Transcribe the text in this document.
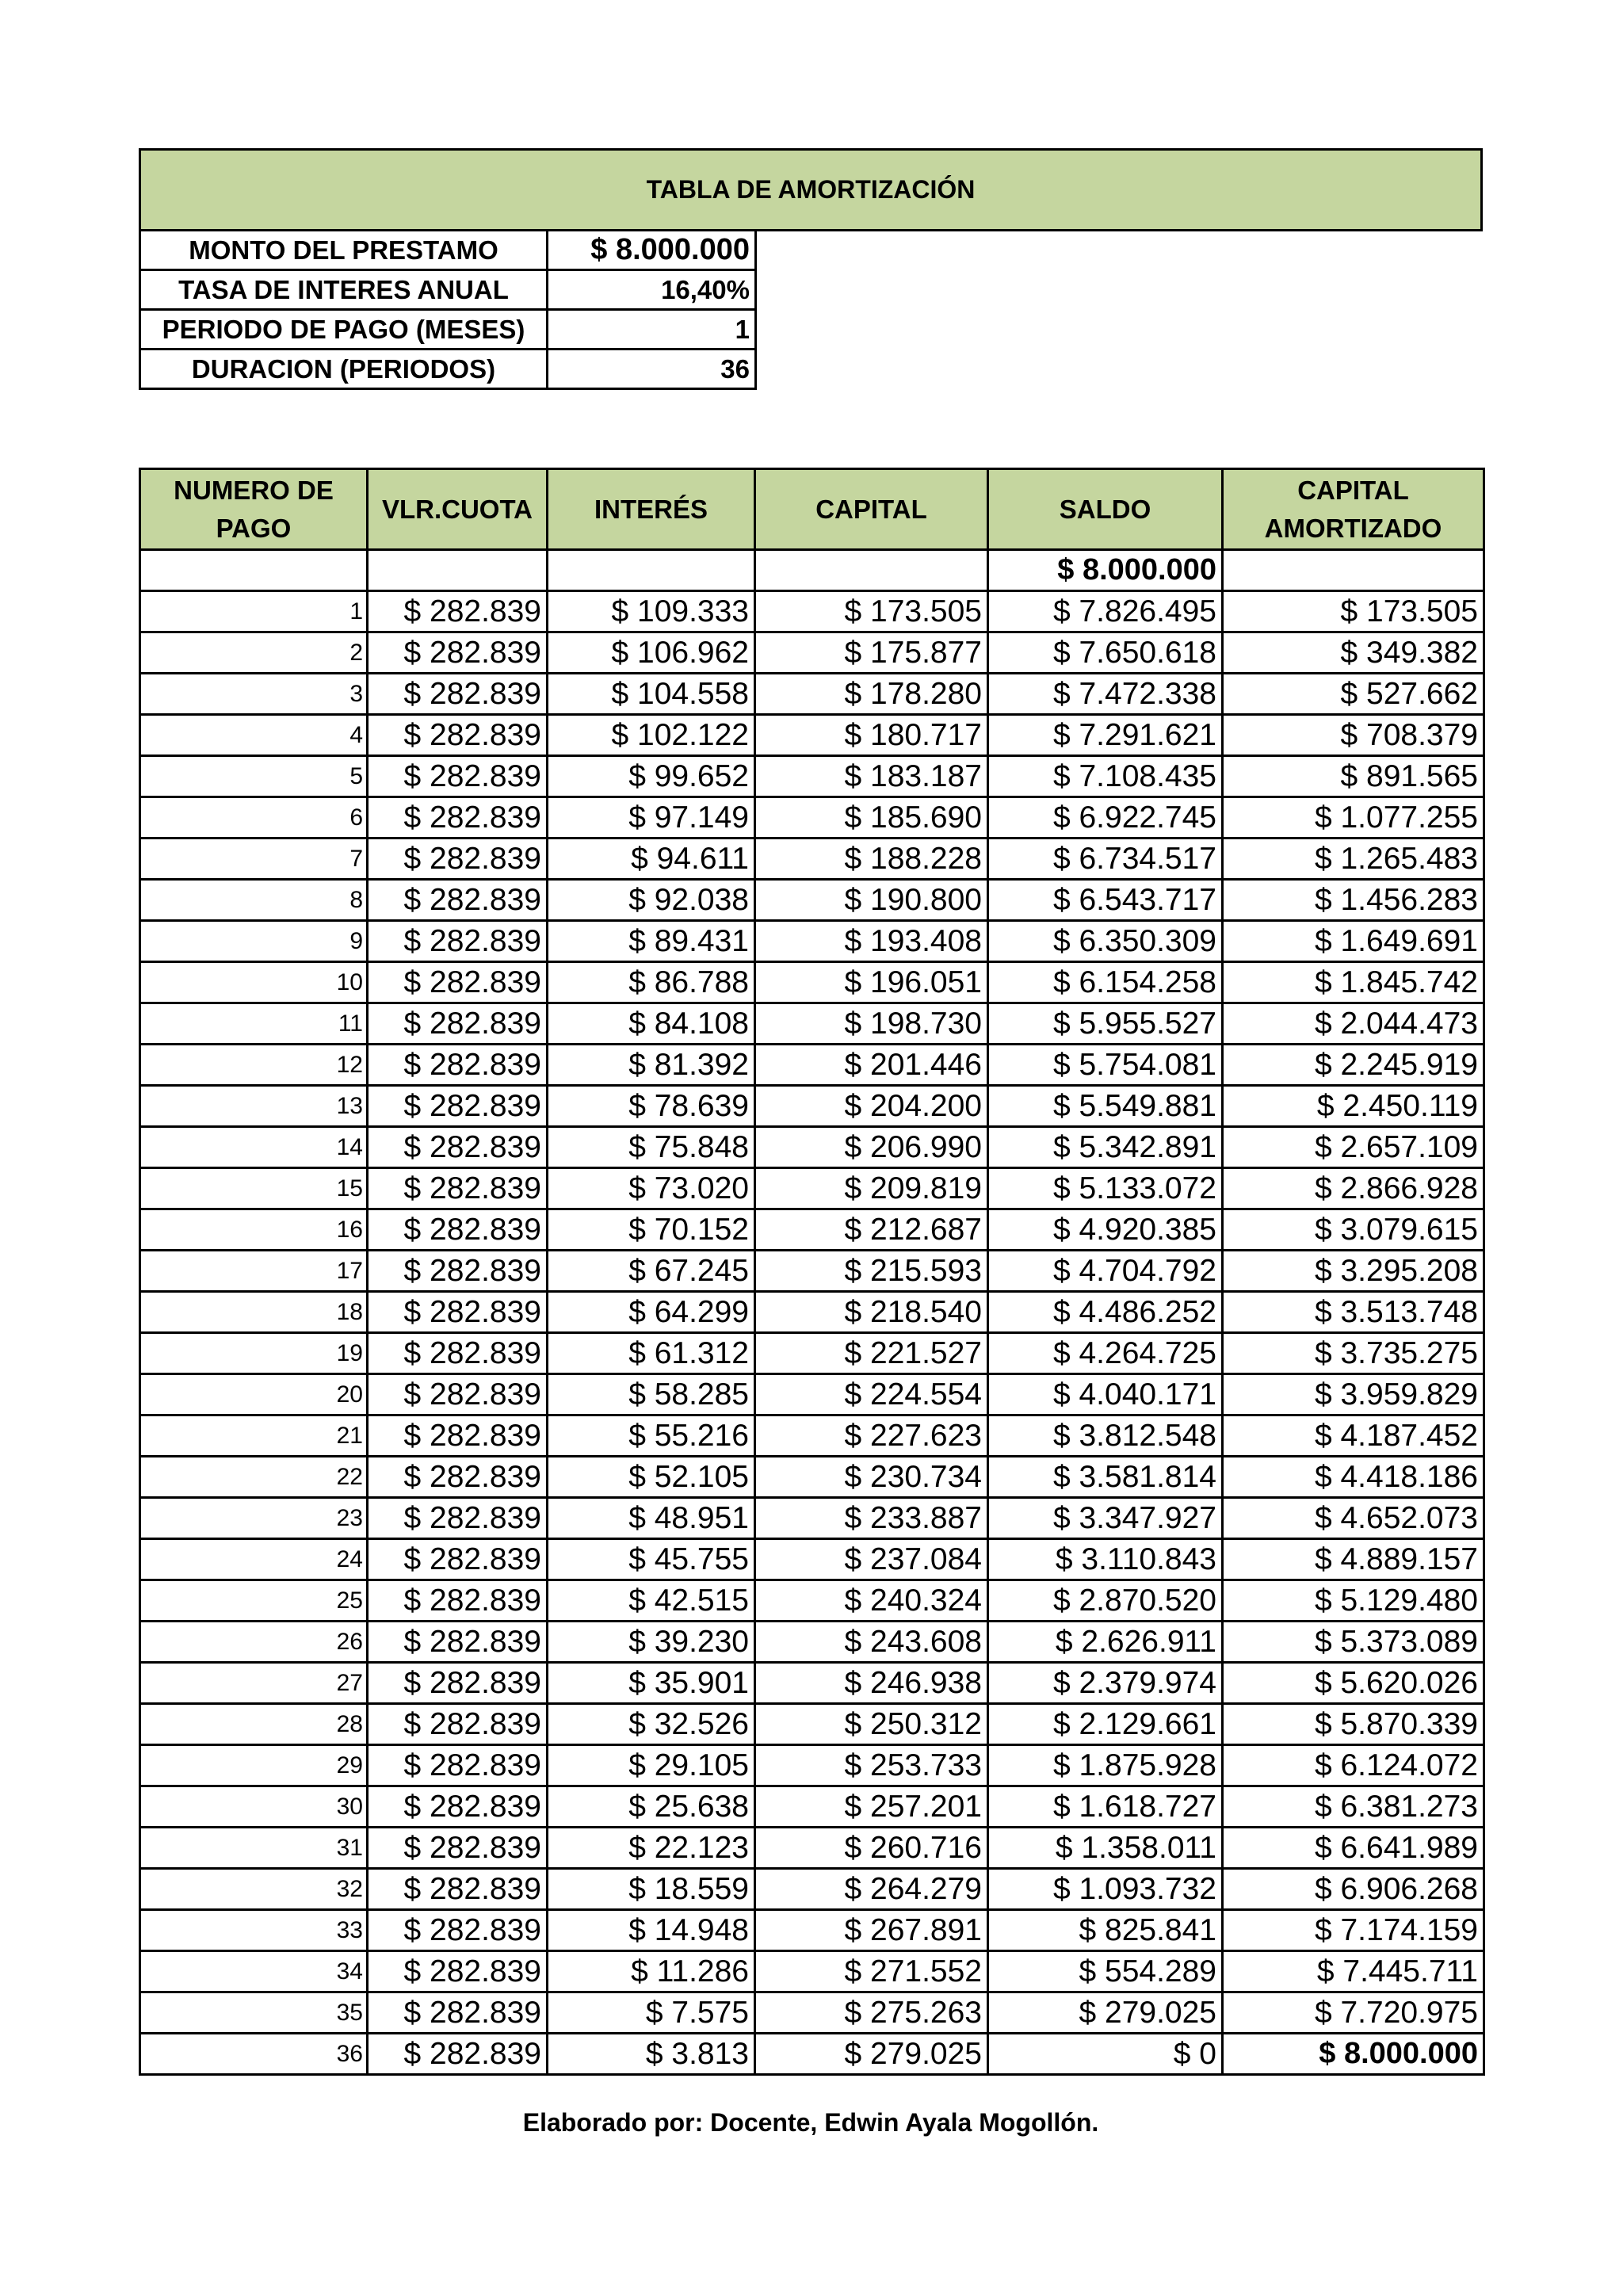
TABLA DE AMORTIZACIÓN
MONTO DEL PRESTAMO	$ 8.000.000
TASA DE INTERES ANUAL	16,40%
PERIODO DE PAGO (MESES)	1
DURACION (PERIODOS)	36
NUMERO DE
PAGO	VLR.CUOTA	INTERÉS	CAPITAL	SALDO	CAPITAL
AMORTIZADO
				$ 8.000.000	
1	$ 282.839	$ 109.333	$ 173.505	$ 7.826.495	$ 173.505
2	$ 282.839	$ 106.962	$ 175.877	$ 7.650.618	$ 349.382
3	$ 282.839	$ 104.558	$ 178.280	$ 7.472.338	$ 527.662
4	$ 282.839	$ 102.122	$ 180.717	$ 7.291.621	$ 708.379
5	$ 282.839	$ 99.652	$ 183.187	$ 7.108.435	$ 891.565
6	$ 282.839	$ 97.149	$ 185.690	$ 6.922.745	$ 1.077.255
7	$ 282.839	$ 94.611	$ 188.228	$ 6.734.517	$ 1.265.483
8	$ 282.839	$ 92.038	$ 190.800	$ 6.543.717	$ 1.456.283
9	$ 282.839	$ 89.431	$ 193.408	$ 6.350.309	$ 1.649.691
10	$ 282.839	$ 86.788	$ 196.051	$ 6.154.258	$ 1.845.742
11	$ 282.839	$ 84.108	$ 198.730	$ 5.955.527	$ 2.044.473
12	$ 282.839	$ 81.392	$ 201.446	$ 5.754.081	$ 2.245.919
13	$ 282.839	$ 78.639	$ 204.200	$ 5.549.881	$ 2.450.119
14	$ 282.839	$ 75.848	$ 206.990	$ 5.342.891	$ 2.657.109
15	$ 282.839	$ 73.020	$ 209.819	$ 5.133.072	$ 2.866.928
16	$ 282.839	$ 70.152	$ 212.687	$ 4.920.385	$ 3.079.615
17	$ 282.839	$ 67.245	$ 215.593	$ 4.704.792	$ 3.295.208
18	$ 282.839	$ 64.299	$ 218.540	$ 4.486.252	$ 3.513.748
19	$ 282.839	$ 61.312	$ 221.527	$ 4.264.725	$ 3.735.275
20	$ 282.839	$ 58.285	$ 224.554	$ 4.040.171	$ 3.959.829
21	$ 282.839	$ 55.216	$ 227.623	$ 3.812.548	$ 4.187.452
22	$ 282.839	$ 52.105	$ 230.734	$ 3.581.814	$ 4.418.186
23	$ 282.839	$ 48.951	$ 233.887	$ 3.347.927	$ 4.652.073
24	$ 282.839	$ 45.755	$ 237.084	$ 3.110.843	$ 4.889.157
25	$ 282.839	$ 42.515	$ 240.324	$ 2.870.520	$ 5.129.480
26	$ 282.839	$ 39.230	$ 243.608	$ 2.626.911	$ 5.373.089
27	$ 282.839	$ 35.901	$ 246.938	$ 2.379.974	$ 5.620.026
28	$ 282.839	$ 32.526	$ 250.312	$ 2.129.661	$ 5.870.339
29	$ 282.839	$ 29.105	$ 253.733	$ 1.875.928	$ 6.124.072
30	$ 282.839	$ 25.638	$ 257.201	$ 1.618.727	$ 6.381.273
31	$ 282.839	$ 22.123	$ 260.716	$ 1.358.011	$ 6.641.989
32	$ 282.839	$ 18.559	$ 264.279	$ 1.093.732	$ 6.906.268
33	$ 282.839	$ 14.948	$ 267.891	$ 825.841	$ 7.174.159
34	$ 282.839	$ 11.286	$ 271.552	$ 554.289	$ 7.445.711
35	$ 282.839	$ 7.575	$ 275.263	$ 279.025	$ 7.720.975
36	$ 282.839	$ 3.813	$ 279.025	$ 0	$ 8.000.000
Elaborado por: Docente, Edwin Ayala Mogollón.
